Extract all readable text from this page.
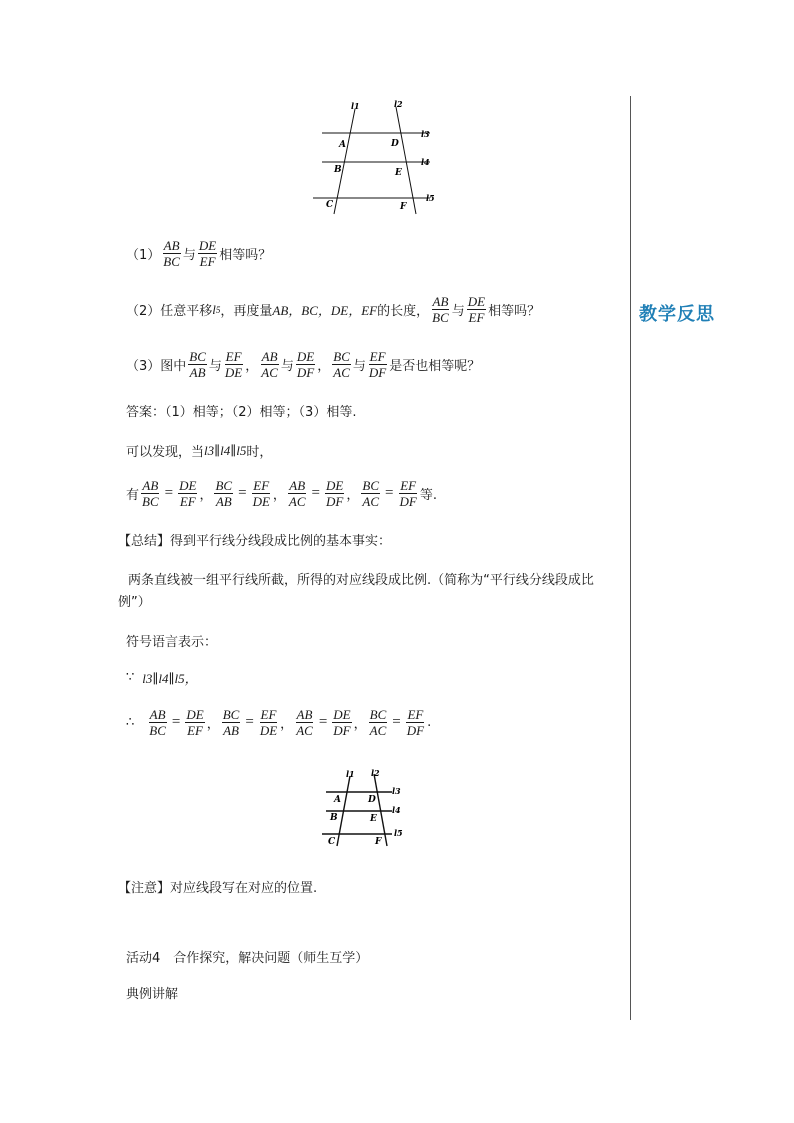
教学反思
l1	l2
l3
l4
l5
A	D
B	E
C	F
$(1) \frac{AB}{BC}$ 与 $\frac{DE}{EF}$ 相等吗？
（2）任意平移 l 5 ，再度量 AB，BC，DE，EF 的长度， $\frac{AB}{BC}$ 与 $\frac{DE}{EF}$ 相等吗？
（3）图中 $\frac{BC}{AB}$ 与 $\frac{EF}{DE}$ ， $\frac{AB}{AC}$ 与 $\frac{DE}{DF}$ ， $\frac{BC}{AC}$ 与 $\frac{EF}{DF}$ 是否也相等呢？
答案：（1）相等；（2）相等；（3）相等.
可以发现，当 l3∥l4∥l5 时，
有 $\frac{AB}{BC} = \frac{DE}{EF}$ ， $\frac{BC}{AB} = \frac{EF}{DE}$ ， $\frac{AB}{AC} = \frac{DE}{DF}$ ， $\frac{BC}{AC} = \frac{EF}{DF}$ 等.
【总结】得到平行线分线段成比例的基本事实：
两条直线被一组平行线所截，所得的对应线段成比例.（简称为“平行线分线段成比例”）
符号语言表示：
∵ l3∥l4∥l5，
∴ $\frac{AB}{BC} = \frac{DE}{EF}$ ， $\frac{BC}{AB} = \frac{EF}{DE}$ ， $\frac{AB}{AC} = \frac{DE}{DF}$ ， $\frac{BC}{AC} = \frac{EF}{DF}$ .
l1 l2
l3
l4
l5
A	D
B	E
C	F
【注意】对应线段写在对应的位置.
活动4　合作探究，解决问题（师生互学）
典例讲解
